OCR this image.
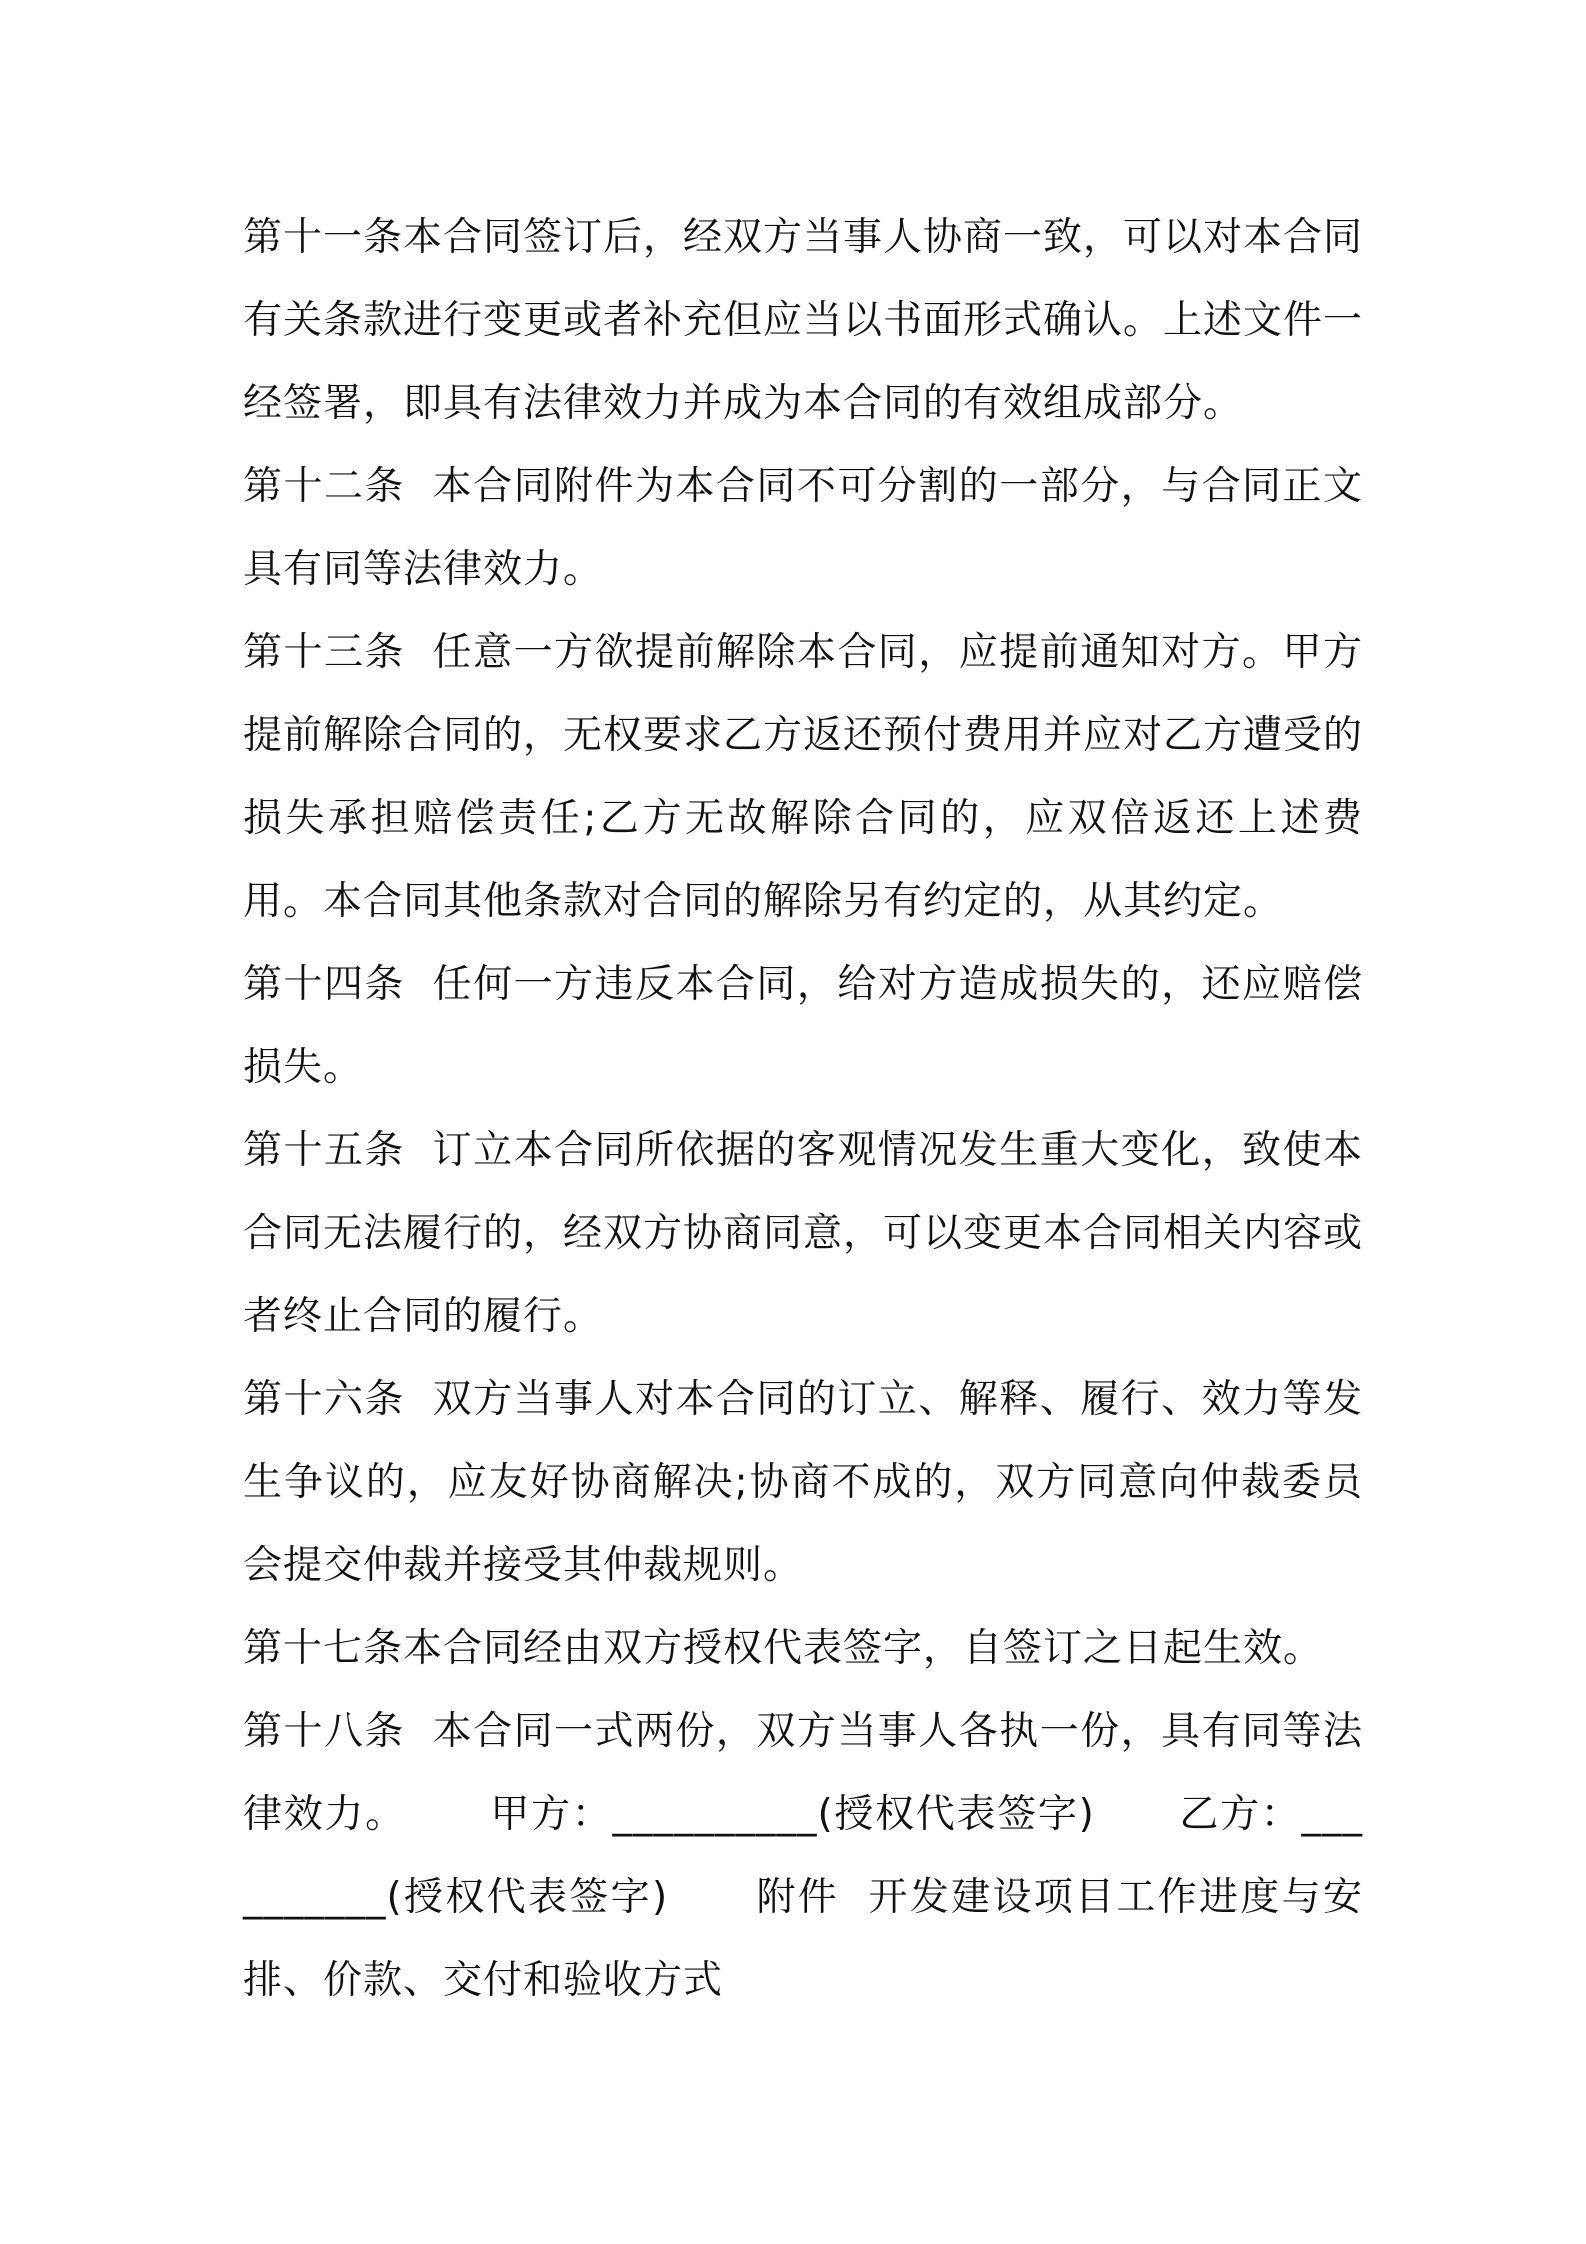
第十一条本合同签订后，经双方当事人协商一致，可以对本合同有关条款进行变更或者补充但应当以书面形式确认。上述文件一经签署，即具有法律效力并成为本合同的有效组成部分。

第十二条  本合同附件为本合同不可分割的一部分，与合同正文具有同等法律效力。

第十三条  任意一方欲提前解除本合同，应提前通知对方。甲方提前解除合同的，无权要求乙方返还预付费用并应对乙方遭受的损失承担赔偿责任;乙方无故解除合同的，应双倍返还上述费用。本合同其他条款对合同的解除另有约定的，从其约定。

第十四条  任何一方违反本合同，给对方造成损失的，还应赔偿损失。

第十五条  订立本合同所依据的客观情况发生重大变化，致使本合同无法履行的，经双方协商同意，可以变更本合同相关内容或者终止合同的履行。

第十六条  双方当事人对本合同的订立、解释、履行、效力等发生争议的，应友好协商解决;协商不成的，双方同意向仲裁委员会提交仲裁并接受其仲裁规则。

第十七条本合同经由双方授权代表签字，自签订之日起生效。

第十八条  本合同一式两份，双方当事人各执一份，具有同等法律效力。      甲方：__________(授权代表签字)      乙方：__________(授权代表签字)      附件  开发建设项目工作进度与安排、价款、交付和验收方式
